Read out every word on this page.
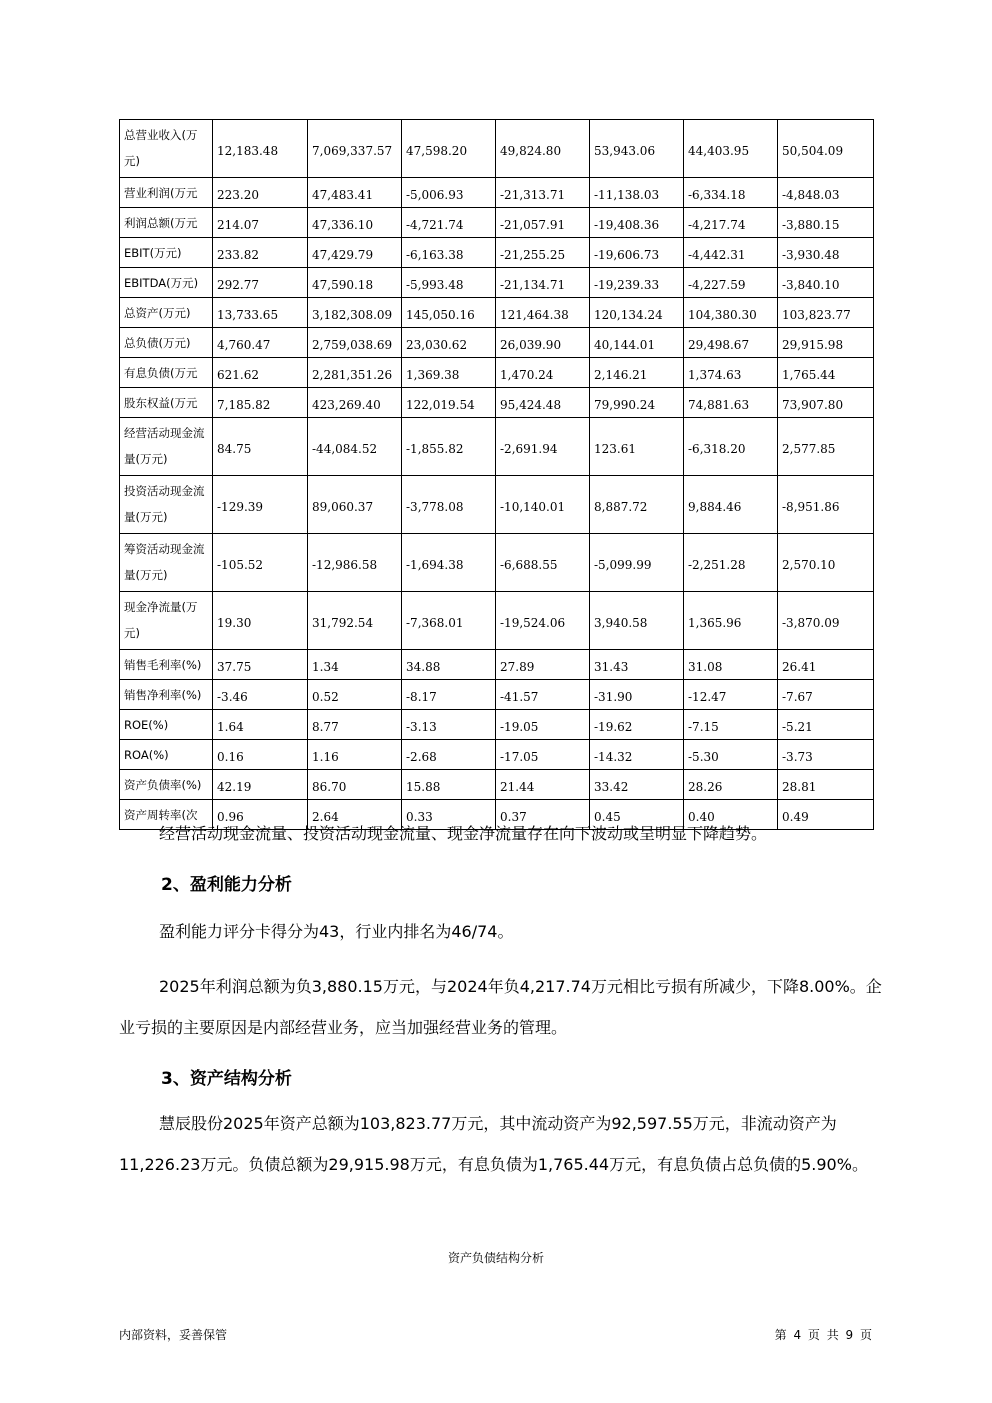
总营业收入(万元)	12,183.48	7,069,337.57	47,598.20	49,824.80	53,943.06	44,403.95	50,504.09
营业利润(万元	223.20	47,483.41	-5,006.93	-21,313.71	-11,138.03	-6,334.18	-4,848.03
利润总额(万元	214.07	47,336.10	-4,721.74	-21,057.91	-19,408.36	-4,217.74	-3,880.15
EBIT(万元)	233.82	47,429.79	-6,163.38	-21,255.25	-19,606.73	-4,442.31	-3,930.48
EBITDA(万元)	292.77	47,590.18	-5,993.48	-21,134.71	-19,239.33	-4,227.59	-3,840.10
总资产(万元)	13,733.65	3,182,308.09	145,050.16	121,464.38	120,134.24	104,380.30	103,823.77
总负债(万元)	4,760.47	2,759,038.69	23,030.62	26,039.90	40,144.01	29,498.67	29,915.98
有息负债(万元	621.62	2,281,351.26	1,369.38	1,470.24	2,146.21	1,374.63	1,765.44
股东权益(万元	7,185.82	423,269.40	122,019.54	95,424.48	79,990.24	74,881.63	73,907.80
经营活动现金流量(万元)	84.75	-44,084.52	-1,855.82	-2,691.94	123.61	-6,318.20	2,577.85
投资活动现金流量(万元)	-129.39	89,060.37	-3,778.08	-10,140.01	8,887.72	9,884.46	-8,951.86
筹资活动现金流量(万元)	-105.52	-12,986.58	-1,694.38	-6,688.55	-5,099.99	-2,251.28	2,570.10
现金净流量(万元)	19.30	31,792.54	-7,368.01	-19,524.06	3,940.58	1,365.96	-3,870.09
销售毛利率(%)	37.75	1.34	34.88	27.89	31.43	31.08	26.41
销售净利率(%)	-3.46	0.52	-8.17	-41.57	-31.90	-12.47	-7.67
ROE(%)	1.64	8.77	-3.13	-19.05	-19.62	-7.15	-5.21
ROA(%)	0.16	1.16	-2.68	-17.05	-14.32	-5.30	-3.73
资产负债率(%)	42.19	86.70	15.88	21.44	33.42	28.26	28.81
资产周转率(次	0.96	2.64	0.33	0.37	0.45	0.40	0.49

经营活动现金流量、投资活动现金流量、现金净流量存在向下波动或呈明显下降趋势。

2、盈利能力分析

盈利能力评分卡得分为43，行业内排名为46/74。

2025年利润总额为负3,880.15万元，与2024年负4,217.74万元相比亏损有所减少，下降8.00%。企业亏损的主要原因是内部经营业务，应当加强经营业务的管理。

3、资产结构分析

慧辰股份2025年资产总额为103,823.77万元，其中流动资产为92,597.55万元，非流动资产为11,226.23万元。负债总额为29,915.98万元，有息负债为1,765.44万元，有息负债占总负债的5.90%。

资产负债结构分析
内部资料，妥善保管	第 4 页 共 9 页
